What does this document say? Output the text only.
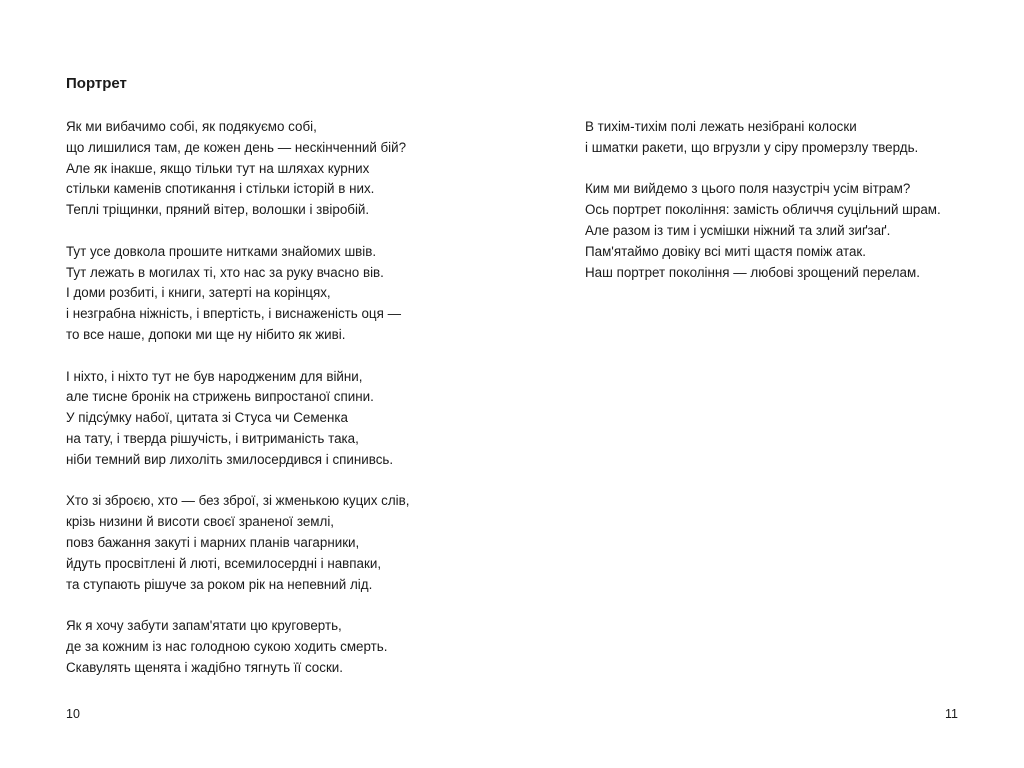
Портрет

Як ми вибачимо собі, як подякуємо собі,
що лишилися там, де кожен день — нескінченний бій?
Але як інакше, якщо тільки тут на шляхах курних
стільки каменів спотикання і стільки історій в них.
Теплі тріщинки, пряний вітер, волошки і звіробій.

Тут усе довкола прошите нитками знайомих швів.
Тут лежать в могилах ті, хто нас за руку вчасно вів.
І доми розбиті, і книги, затерті на корінцях,
і незграбна ніжність, і впертість, і виснаженість оця —
то все наше, допоки ми ще ну нібито як живі.

І ніхто, і ніхто тут не був народженим для війни,
але тисне бронік на стрижень випростаної спини.
У підсу́мку набої, цитата зі Стуса чи Семенка
на тату, і тверда рішучість, і витриманість така,
ніби темний вир лихоліть змилосердився і спинивсь.

Хто зі зброєю, хто — без зброї, зі жменькою куцих слів,
крізь низини й висоти своєї зраненої землі,
повз бажання закуті і марних планів чагарники,
йдуть просвітлені й люті, всемилосердні і навпаки,
та ступають рішуче за роком рік на непевний лід.

Як я хочу забути запам'ятати цю круговерть,
де за кожним із нас голодною сукою ходить смерть.
Скавулять щенята і жадібно тягнуть її соски.

10

В тихім-тихім полі лежать незібрані колоски
і шматки ракети, що вгрузли у сіру промерзлу твердь.

Ким ми вийдемо з цього поля назустріч усім вітрам?
Ось портрет покоління: замість обличчя суцільний шрам.
Але разом із тим і усмішки ніжний та злий зиґзаґ.
Пам'ятаймо довіку всі миті щастя поміж атак.
Наш портрет покоління — любові зрощений перелам.

11
